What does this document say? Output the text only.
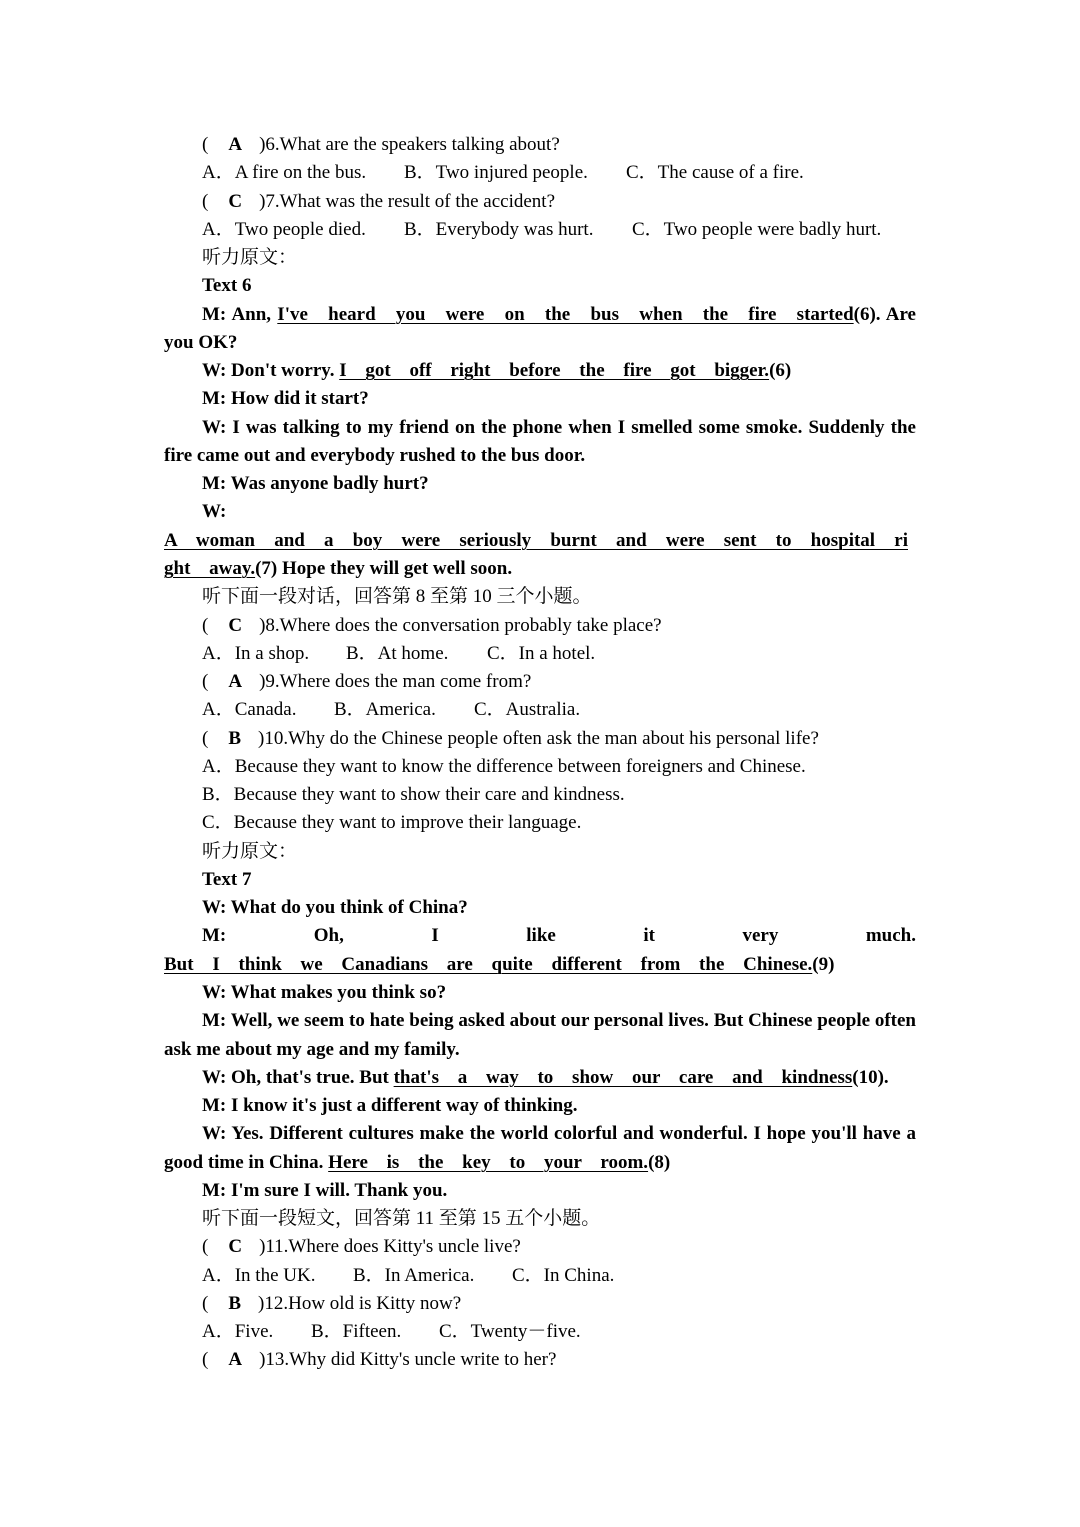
( A )6.What are the speakers talking about?
A．A fire on the bus. B．Two injured people. C．The cause of a fire.
( C )7.What was the result of the accident?
A．Two people died. B．Everybody was hurt. C．Two people were badly hurt.
听力原文：
Text 6
M: Ann, I've heard you were on the bus when the fire started(6). Are
you OK?
W: Don't worry. I got off right before the fire got bigger.(6)
M: How did it start?
W: I was talking to my friend on the phone when I smelled some smoke. Suddenly the
fire came out and everybody rushed to the bus door.
M: Was anyone badly hurt?
W:
A woman and a boy were seriously burnt and were sent to hospital ri
ght away.(7) Hope they will get well soon.
听下面一段对话，回答第 8 至第 10 三个小题。
( C )8.Where does the conversation probably take place?
A．In a shop. B．At home. C．In a hotel.
( A )9.Where does the man come from?
A．Canada. B．America. C．Australia.
( B )10.Why do the Chinese people often ask the man about his personal life?
A．Because they want to know the difference between foreigners and Chinese.
B．Because they want to show their care and kindness.
C．Because they want to improve their language.
听力原文：
Text 7
W: What do you think of China?
M: Oh, I like it very much.
But I think we Canadians are quite different from the Chinese.(9)
W: What makes you think so?
M: Well, we seem to hate being asked about our personal lives. But Chinese people often
ask me about my age and my family.
W: Oh, that's true. But that's a way to show our care and kindness(10).
M: I know it's just a different way of thinking.
W: Yes. Different cultures make the world colorful and wonderful. I hope you'll have a
good time in China. Here is the key to your room.(8)
M: I'm sure I will. Thank you.
听下面一段短文，回答第 11 至第 15 五个小题。
( C )11.Where does Kitty's uncle live?
A．In the UK. B．In America. C．In China.
( B )12.How old is Kitty now?
A．Five. B．Fifteen. C．Twenty－five.
( A )13.Why did Kitty's uncle write to her?
